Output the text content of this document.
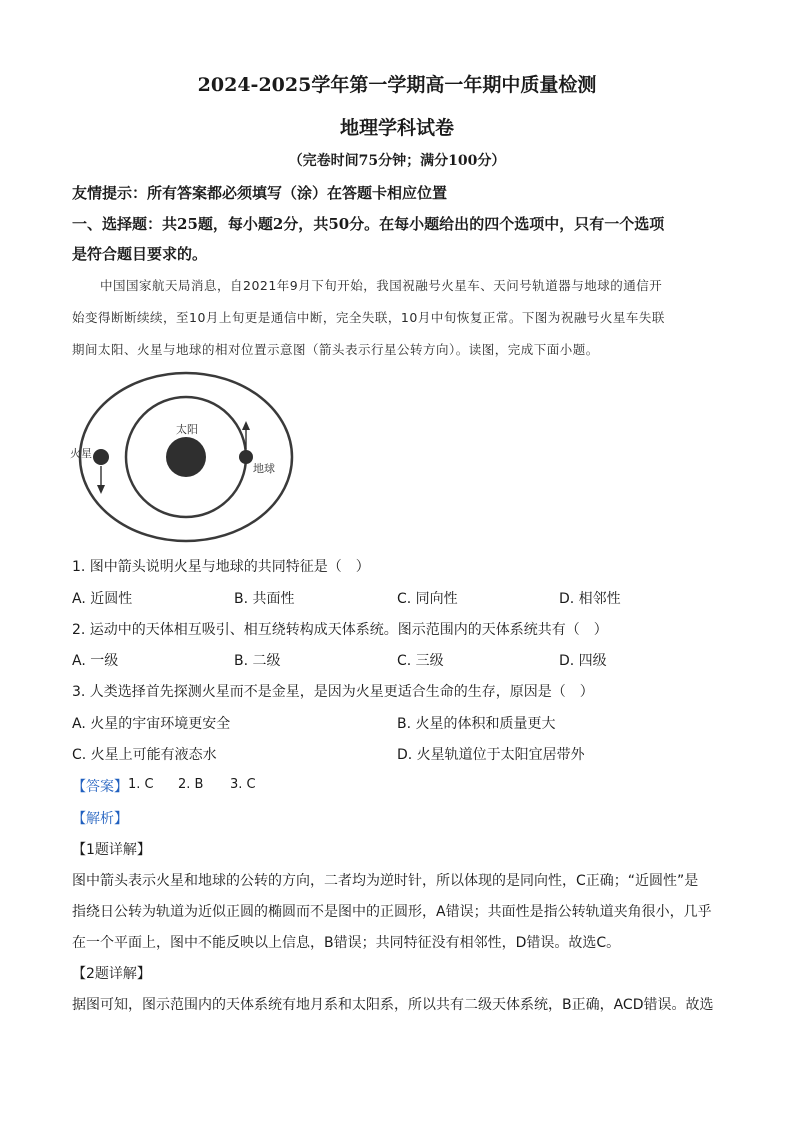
2024-2025学年第一学期高一年期中质量检测
地理学科试卷
（完卷时间75分钟；满分100分）
友情提示：所有答案都必须填写（涂）在答题卡相应位置
一、选择题：共25题，每小题2分，共50分。在每小题给出的四个选项中，只有一个选项
是符合题目要求的。
中国国家航天局消息，自2021年9月下旬开始，我国祝融号火星车、天问号轨道器与地球的通信开
始变得断断续续，至10月上旬更是通信中断，完全失联，10月中旬恢复正常。下图为祝融号火星车失联
期间太阳、火星与地球的相对位置示意图（箭头表示行星公转方向）。读图，完成下面小题。
太阳
火星
地球
1. 图中箭头说明火星与地球的共同特征是（　）
A. 近圆性	B. 共面性	C. 同向性	D. 相邻性
2. 运动中的天体相互吸引、相互绕转构成天体系统。图示范围内的天体系统共有（　）
A. 一级	B. 二级	C. 三级	D. 四级
3. 人类选择首先探测火星而不是金星，是因为火星更适合生命的生存，原因是（　）
A. 火星的宇宙环境更安全	B. 火星的体积和质量更大
C. 火星上可能有液态水	D. 火星轨道位于太阳宜居带外
【答案】 1. C 2. B 3. C
【解析】
【1题详解】
图中箭头表示火星和地球的公转的方向，二者均为逆时针，所以体现的是同向性，C正确；“近圆性”是
指绕日公转为轨道为近似正圆的椭圆而不是图中的正圆形，A错误；共面性是指公转轨道夹角很小，几乎
在一个平面上，图中不能反映以上信息，B错误；共同特征没有相邻性，D错误。故选C。
【2题详解】
据图可知，图示范围内的天体系统有地月系和太阳系，所以共有二级天体系统，B正确，ACD错误。故选
